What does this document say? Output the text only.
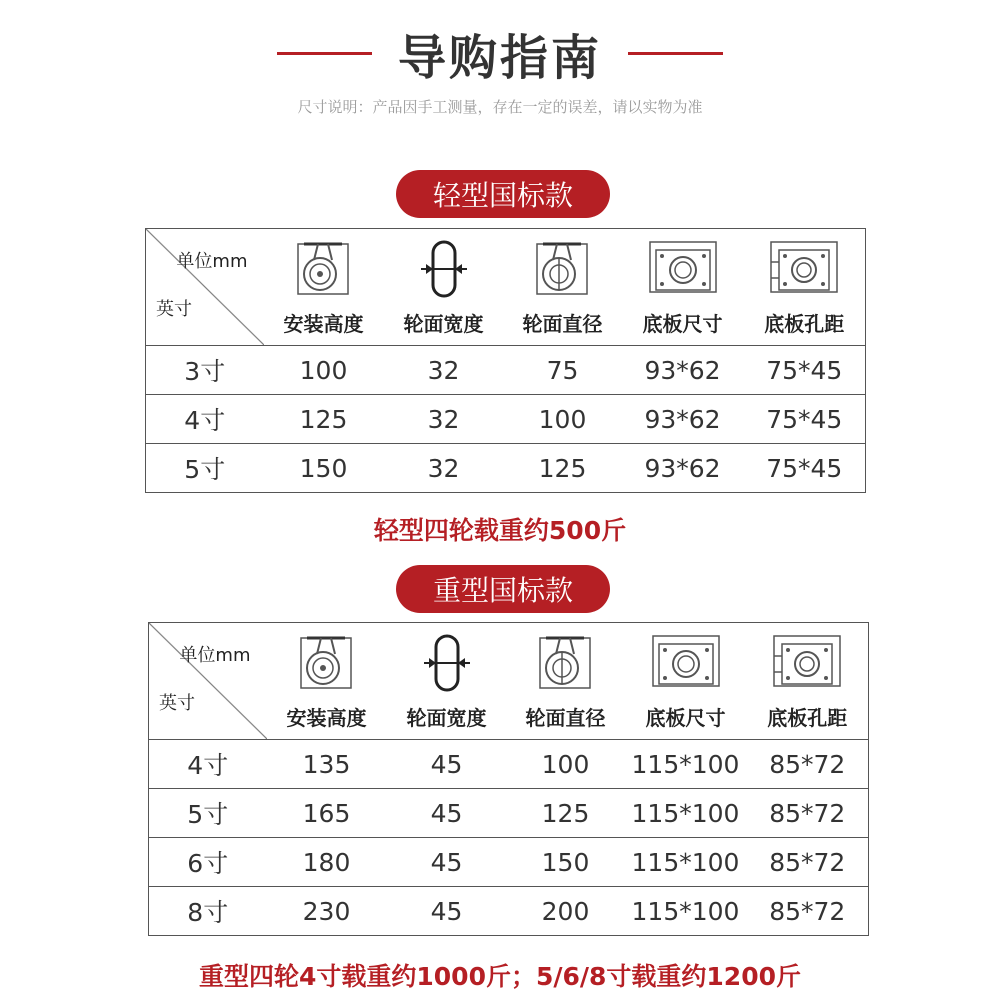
导购指南
尺寸说明：产品因手工测量，存在一定的误差，请以实物为准
轻型国标款
单位mm
英寸	安装高度	轮面宽度	轮面直径	底板尺寸	底板孔距

3寸	100	32	75	93*62	75*45
4寸	125	32	100	93*62	75*45
5寸	150	32	125	93*62	75*45
轻型四轮载重约500斤
重型国标款
单位mm
英寸	安装高度	轮面宽度	轮面直径	底板尺寸	底板孔距

4寸	135	45	100	115*100	85*72
5寸	165	45	125	115*100	85*72
6寸	180	45	150	115*100	85*72
8寸	230	45	200	115*100	85*72
重型四轮4寸载重约1000斤；5/6/8寸载重约1200斤
